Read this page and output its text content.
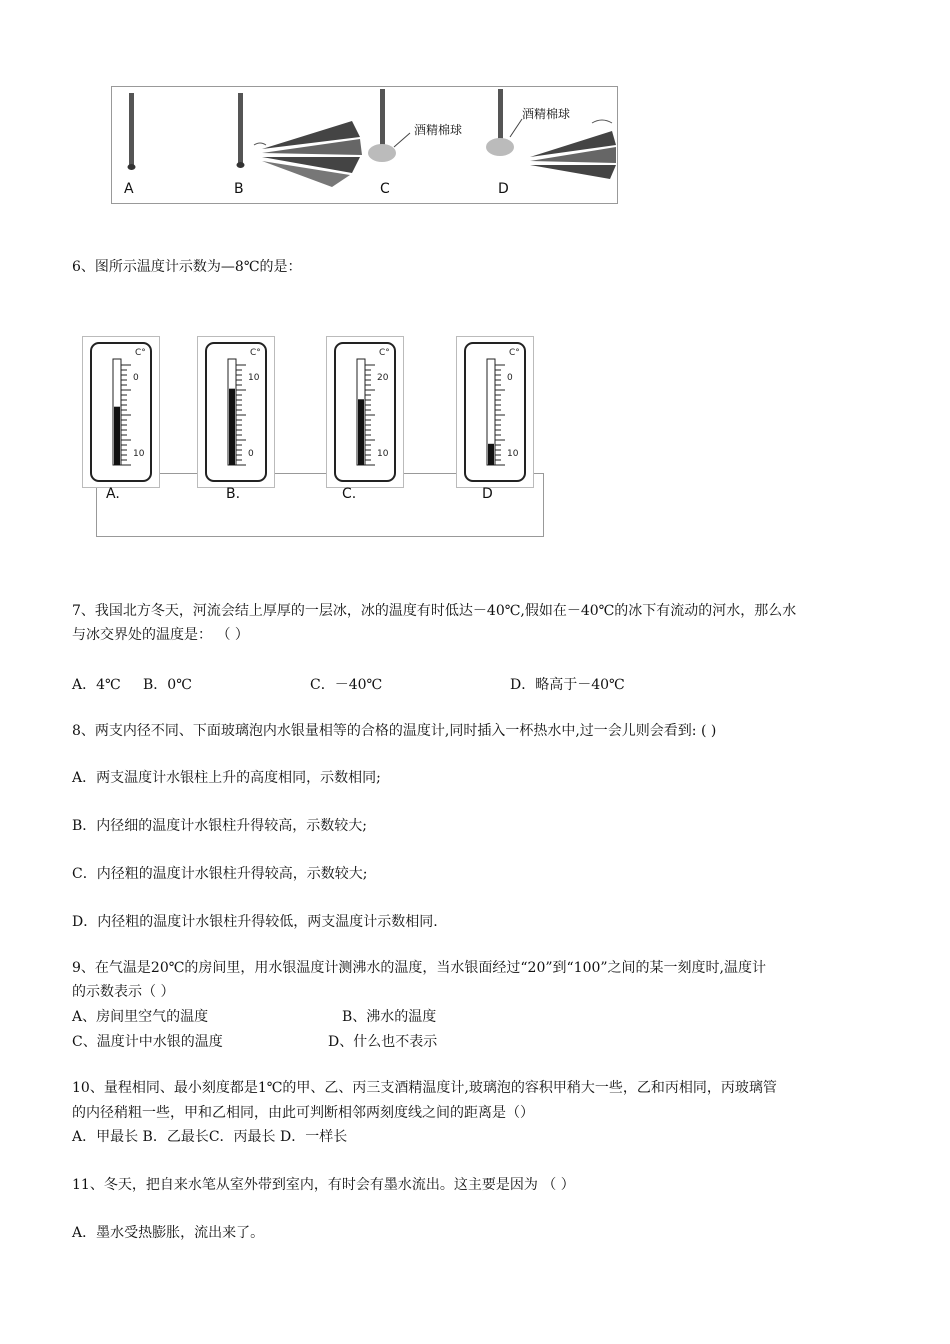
A	B	C	D
酒精棉球
酒精棉球
6、图所示温度计示数为—8℃的是：
C°
0
10
C°
10
0
C°
20
10
C°
0
10
A.	B.	C.	D
7、我国北方冬天，河流会结上厚厚的一层冰，冰的温度有时低达－40℃,假如在－40℃的冰下有流动的河水，那么水
与冰交界处的温度是： （ ）
A．4℃ B．0℃	C．－40℃	D．略高于－40℃
8、两支内径不同、下面玻璃泡内水银量相等的合格的温度计,同时插入一杯热水中,过一会儿则会看到: ( )
A．两支温度计水银柱上升的高度相同，示数相同;
B．内径细的温度计水银柱升得较高，示数较大;
C．内径粗的温度计水银柱升得较高，示数较大;
D．内径粗的温度计水银柱升得较低，两支温度计示数相同.
9、在气温是20℃的房间里，用水银温度计测沸水的温度，当水银面经过“20”到“100”之间的某一刻度时,温度计
的示数表示（ ）
A、房间里空气的温度	B、沸水的温度
C、温度计中水银的温度	D、什么也不表示
10、量程相同、最小刻度都是1℃的甲、乙、丙三支酒精温度计,玻璃泡的容积甲稍大一些，乙和丙相同，丙玻璃管
的内径稍粗一些，甲和乙相同，由此可判断相邻两刻度线之间的距离是（）
A．甲最长 B．乙最长C．丙最长 D．一样长
11、冬天，把自来水笔从室外带到室内，有时会有墨水流出。这主要是因为 （ ）
A．墨水受热膨胀，流出来了。
